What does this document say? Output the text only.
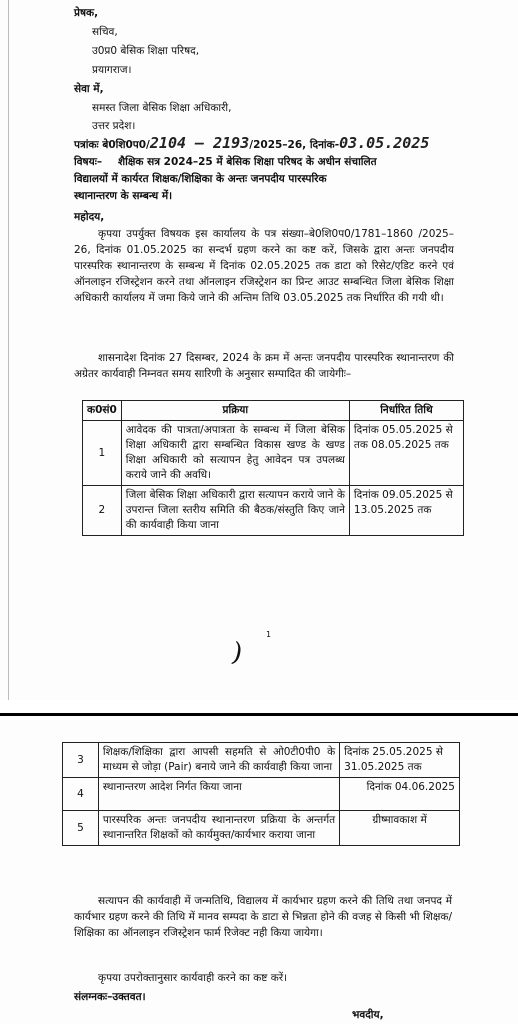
प्रेषक,
सचिव,
उ0प्र0 बेसिक शिक्षा परिषद,
प्रयागराज।
सेवा में,
समस्त जिला बेसिक शिक्षा अधिकारी,
उत्तर प्रदेश।
पत्रांकः बे0शि0प0/2104 – 2193/2025–26, दिनांक-03.05.2025
विषयः– शैक्षिक सत्र 2024–25 में बेसिक शिक्षा परिषद के अधीन संचालित
विद्यालयों में कार्यरत शिक्षक/शिक्षिका के अन्तः जनपदीय पारस्परिक
स्थानान्तरण के सम्बन्ध में।
महोदय,
कृपया उपर्युक्त विषयक इस कार्यालय के पत्र संख्या–बे0शि0प0/1781–1860 /2025–26, दिनांक 01.05.2025 का सन्दर्भ ग्रहण करने का कष्ट करें, जिसके द्वारा अन्तः जनपदीय पारस्परिक स्थानान्तरण के सम्बन्ध में दिनांक 02.05.2025 तक डाटा को रिसेट/एडिट करने एवं ऑनलाइन रजिस्ट्रेशन करने तथा ऑनलाइन रजिस्ट्रेशन का प्रिन्ट आउट सम्बन्धित जिला बेसिक शिक्षा अधिकारी कार्यालय में जमा किये जाने की अन्तिम तिथि 03.05.2025 तक निर्धारित की गयी थी।
शासनादेश दिनांक 27 दिसम्बर, 2024 के क्रम में अन्तः जनपदीय पारस्परिक स्थानान्तरण की अग्रेतर कार्यवाही निम्नवत समय सारिणी के अनुसार सम्पादित की जायेगीः–
क0सं0	प्रक्रिया	निर्धारित तिथि
1	आवेदक की पात्रता/अपात्रता के सम्बन्ध में जिला बेसिक शिक्षा अधिकारी द्वारा सम्बन्धित विकास खण्ड के खण्ड शिक्षा अधिकारी को सत्यापन हेतु आवेदन पत्र उपलब्ध कराये जाने की अवधि।	दिनांक 05.05.2025 से तक 08.05.2025 तक
2	जिला बेसिक शिक्षा अधिकारी द्वारा सत्यापन कराये जाने के उपरान्त जिला स्तरीय समिति की बैठक/संस्तुति किए जाने की कार्यवाही किया जाना	दिनांक 09.05.2025 से 13.05.2025 तक
1
)
3	शिक्षक/शिक्षिका द्वारा आपसी सहमति से ओ0टी0पी0 के माध्यम से जोड़ा (Pair) बनाये जाने की कार्यवाही किया जाना	दिनांक 25.05.2025 से 31.05.2025 तक
4	स्थानान्तरण आदेश निर्गत किया जाना	दिनांक 04.06.2025
5	पारस्परिक अन्तः जनपदीय स्थानान्तरण प्रक्रिया के अन्तर्गत स्थानान्तरित शिक्षकों को कार्यमुक्त/कार्यभार कराया जाना	ग्रीष्मावकाश में
सत्यापन की कार्यवाही में जन्मतिथि, विद्यालय में कार्यभार ग्रहण करने की तिथि तथा जनपद में कार्यभार ग्रहण करने की तिथि में मानव सम्पदा के डाटा से भिन्नता होने की वजह से किसी भी शिक्षक/शिक्षिका का ऑनलाइन रजिस्ट्रेशन फार्म रिजेक्ट नही किया जायेगा।
कृपया उपरोक्तानुसार कार्यवाही करने का कष्ट करें।
संलग्नकः–उक्तवत।
भवदीय,
